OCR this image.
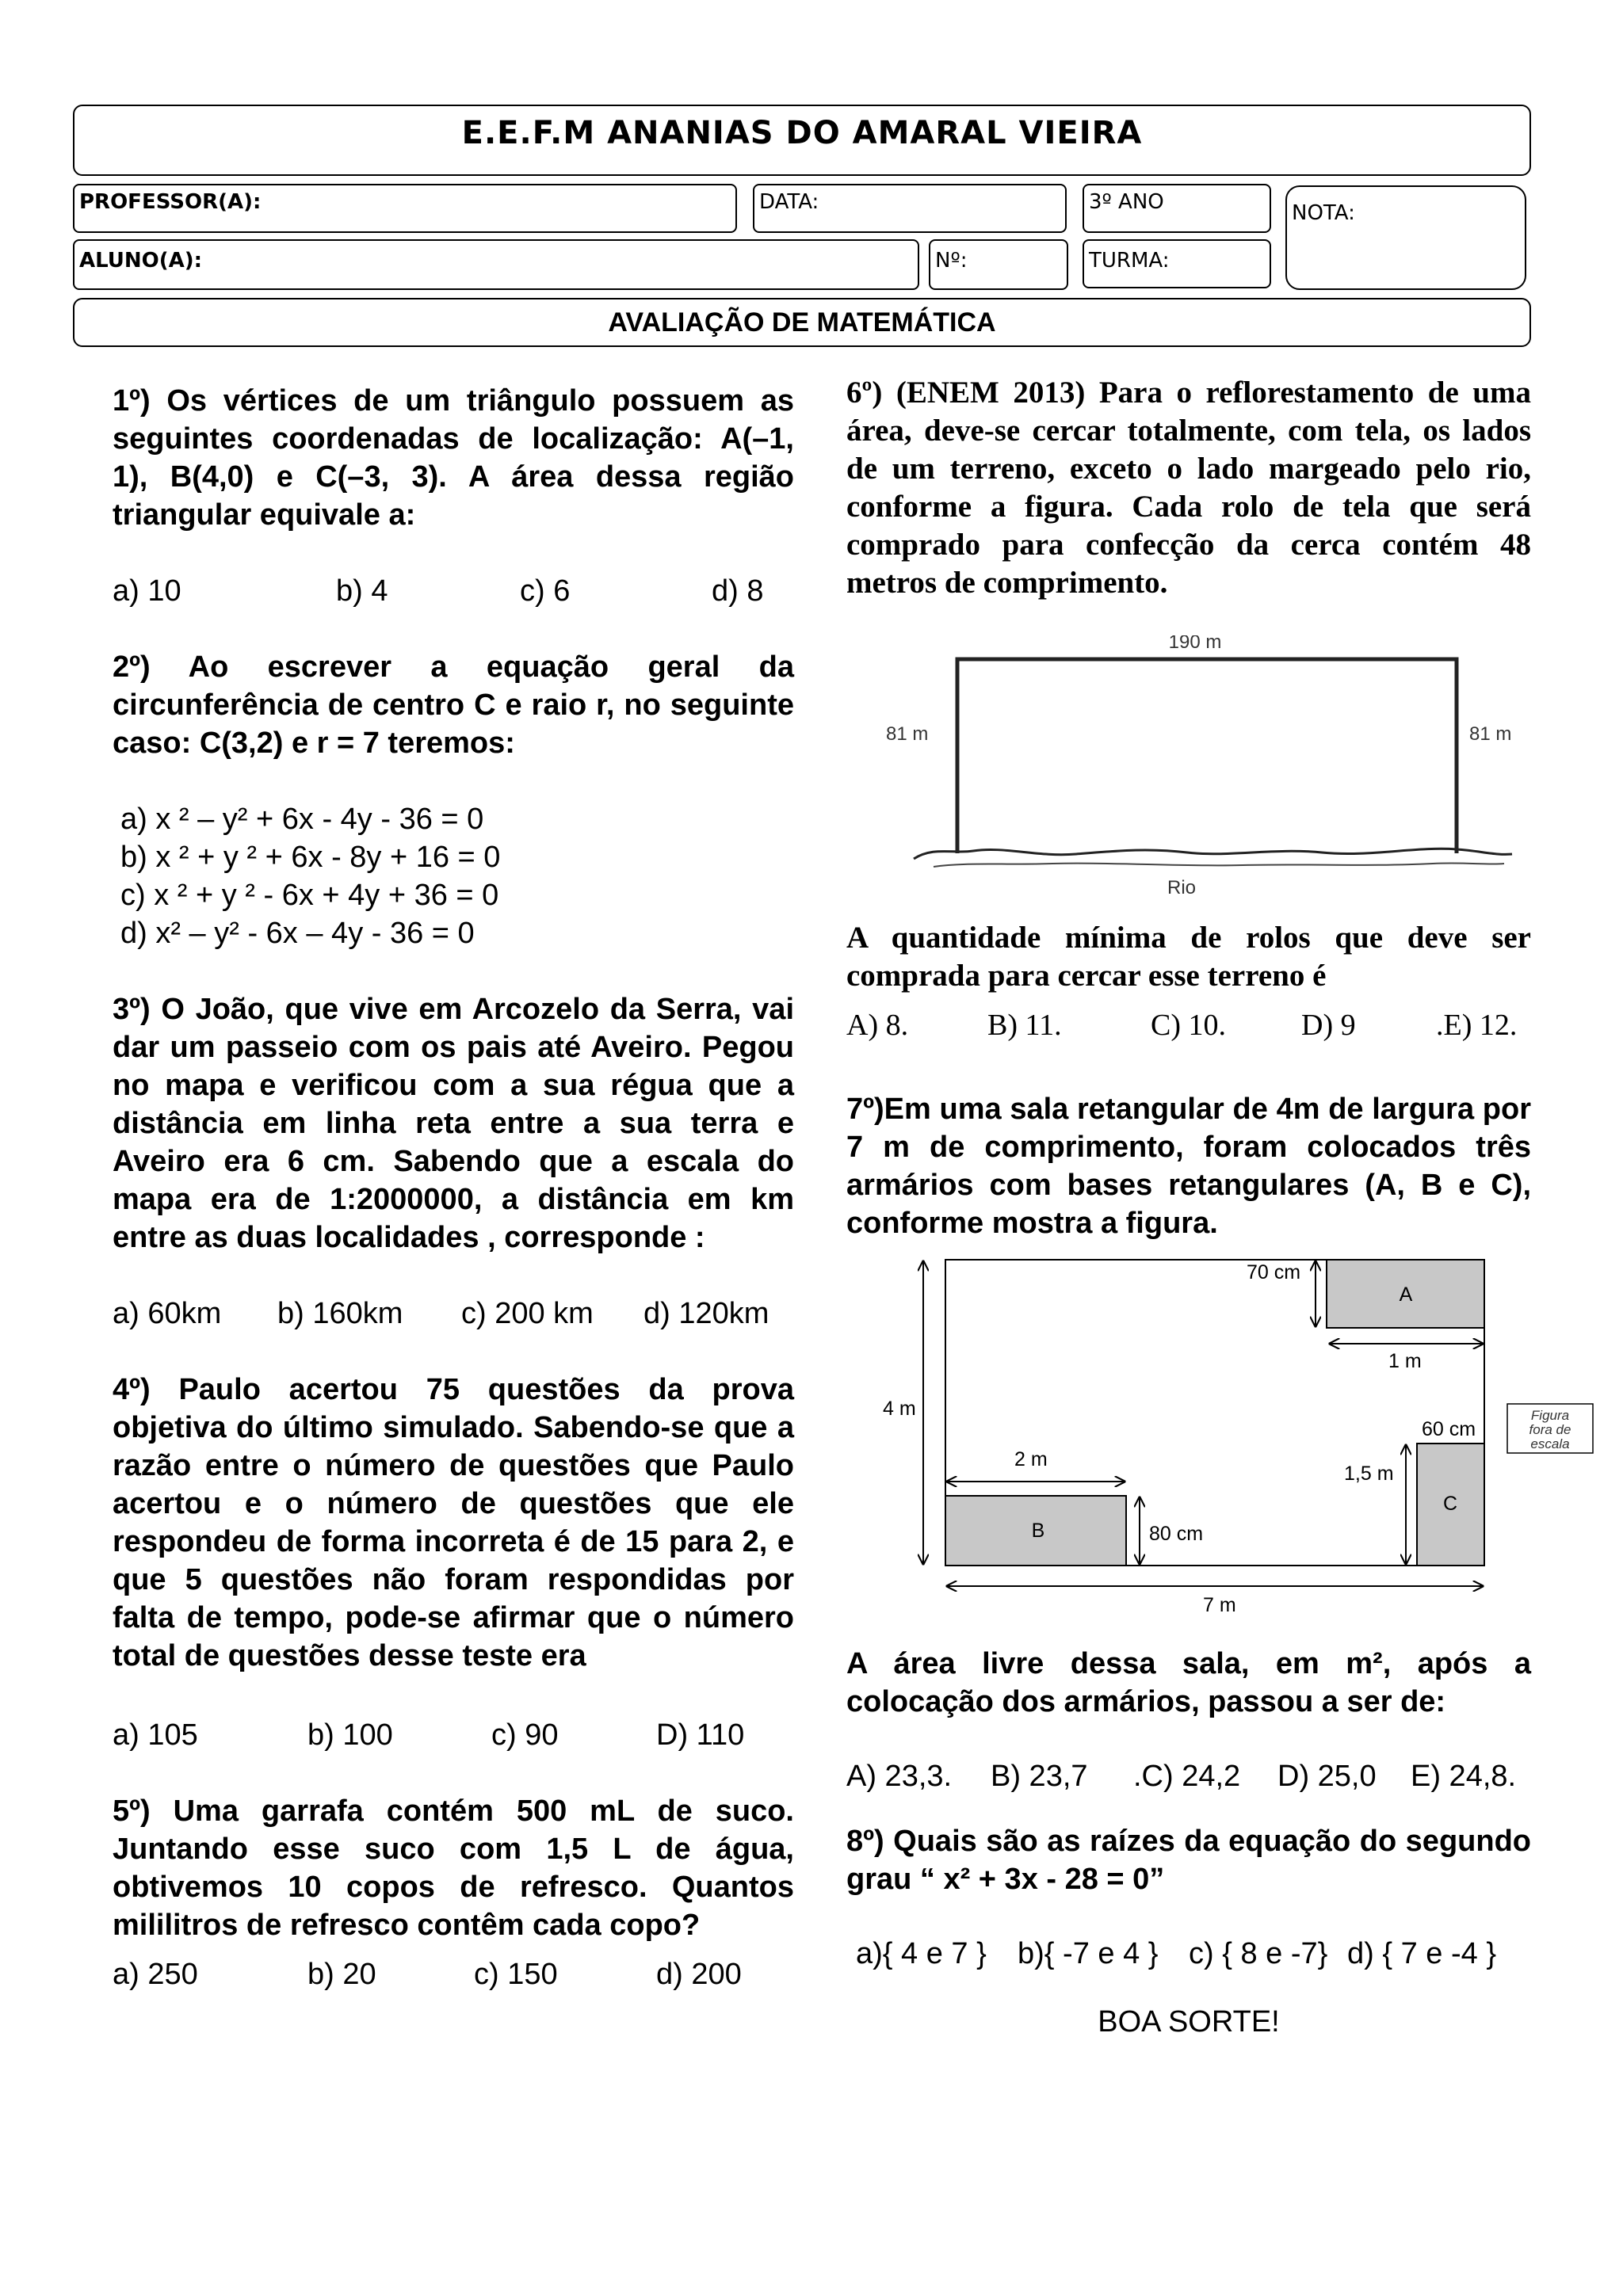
E.E.F.M ANANIAS DO AMARAL VIEIRA
PROFESSOR(A):	DATA:	3º ANO	NOTA:
ALUNO(A):	Nº:	TURMA:
AVALIAÇÃO DE MATEMÁTICA

1º) Os vértices de um triângulo possuem as seguintes coordenadas de localização: A(–1, 1), B(4,0) e C(–3, 3). A área dessa região triangular equivale a:

a) 10	b) 4	c) 6	d) 8

2º) Ao escrever a equação geral da circunferência de centro C e raio r, no seguinte caso: C(3,2) e r = 7 teremos:

a) x ² – y² + 6x - 4y - 36 = 0
b) x ² + y ² + 6x - 8y + 16 = 0
c) x ² + y ² - 6x + 4y + 36 = 0
d) x² – y² - 6x – 4y - 36 = 0

3º) O João, que vive em Arcozelo da Serra, vai dar um passeio com os pais até Aveiro. Pegou no mapa e verificou com a sua régua que a distância em linha reta entre a sua terra e Aveiro era 6 cm. Sabendo que a escala do mapa era de 1:2000000, a distância em km entre as duas localidades , corresponde :

a) 60km	b) 160km	c) 200 km	d) 120km

4º) Paulo acertou 75 questões da prova objetiva do último simulado. Sabendo-se que a razão entre o número de questões que Paulo acertou e o número de questões que ele respondeu de forma incorreta é de 15 para 2, e que 5 questões não foram respondidas por falta de tempo, pode-se afirmar que o número total de questões desse teste era

a) 105	b) 100	c) 90	D) 110

5º) Uma garrafa contém 500 mL de suco. Juntando esse suco com 1,5 L de água, obtivemos 10 copos de refresco. Quantos mililitros de refresco contêm cada copo?

a) 250	b) 20	c) 150	d) 200

6º) (ENEM 2013) Para o reflorestamento de uma área, deve-se cercar totalmente, com tela, os lados de um terreno, exceto o lado margeado pelo rio, conforme a figura. Cada rolo de tela que será comprado para confecção da cerca contém 48 metros de comprimento.

190 m
81 m	81 m
Rio

A quantidade mínima de rolos que deve ser comprada para cercar esse terreno é

A) 8.	B) 11.	C) 10.	D) 9	.E) 12.

7º)Em uma sala retangular de 4m de largura por 7 m de comprimento, foram colocados três armários com bases retangulares (A, B e C), conforme mostra a figura.

A
B
C
4 m
70 cm
1 m
60 cm
1,5 m
2 m
80 cm
7 m
Figura
fora de
escala

A área livre dessa sala, em m², após a colocação dos armários, passou a ser de:

A) 23,3.	B) 23,7	.C) 24,2	D) 25,0	E) 24,8.

8º) Quais são as raízes da equação do segundo grau “ x² + 3x - 28 = 0”

a){ 4 e 7 }	b){ -7 e 4 }	c) { 8 e -7} d) { 7 e -4 }
BOA SORTE!
